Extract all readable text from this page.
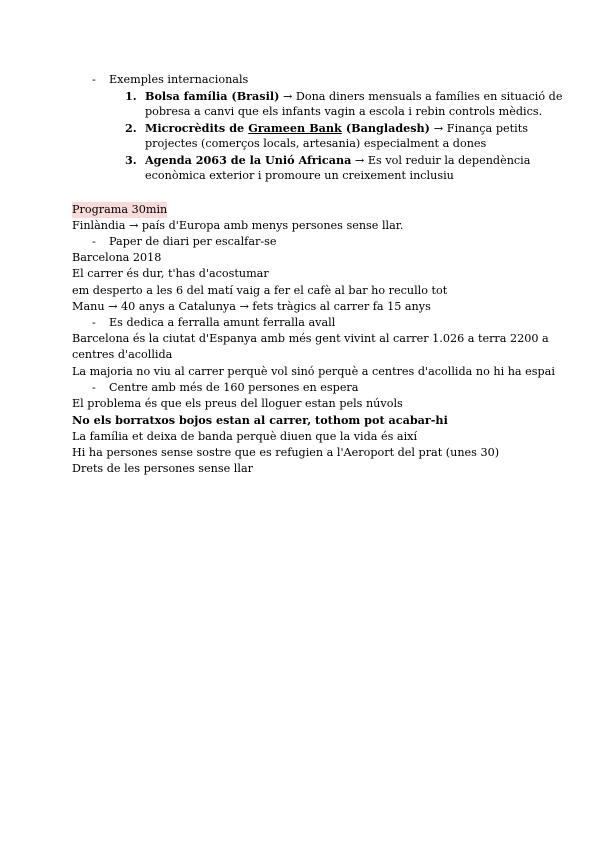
- Exemples internacionals
1. Bolsa família (Brasil) → Dona diners mensuals a famílies en situació de
pobresa a canvi que els infants vagin a escola i rebin controls mèdics.
2. Microcrèdits de Grameen Bank (Bangladesh) → Finança petits
projectes (comerços locals, artesania) especialment a dones
3. Agenda 2063 de la Unió Africana → Es vol reduir la dependència
econòmica exterior i promoure un creixement inclusiu
Programa 30min
Finlàndia → país d'Europa amb menys persones sense llar.
- Paper de diari per escalfar-se
Barcelona 2018
El carrer és dur, t'has d'acostumar
em desperto a les 6 del matí vaig a fer el cafè al bar ho recullo tot
Manu → 40 anys a Catalunya → fets tràgics al carrer fa 15 anys
- Es dedica a ferralla amunt ferralla avall
Barcelona és la ciutat d'Espanya amb més gent vivint al carrer 1.026 a terra 2200 a
centres d'acollida
La majoria no viu al carrer perquè vol sinó perquè a centres d'acollida no hi ha espai
- Centre amb més de 160 persones en espera
El problema és que els preus del lloguer estan pels núvols
No els borratxos bojos estan al carrer, tothom pot acabar-hi
La família et deixa de banda perquè diuen que la vida és així
Hi ha persones sense sostre que es refugien a l'Aeroport del prat (unes 30)
Drets de les persones sense llar
